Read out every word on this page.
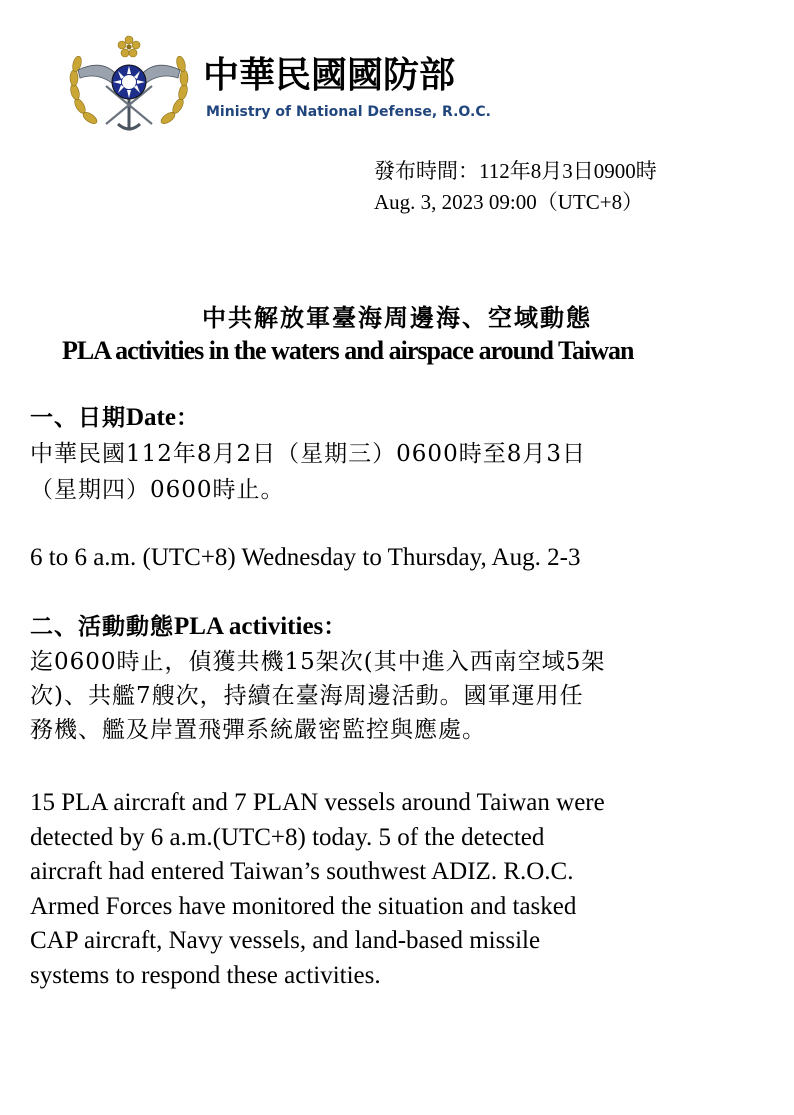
中華民國國防部
Ministry of National Defense, R.O.C.
發布時間：112年8月3日0900時
Aug. 3, 2023 09:00（UTC+8）
中共解放軍臺海周邊海、空域動態
PLA activities in the waters and airspace around Taiwan
一、日期Date：
中華民國112年8月2日（星期三）0600時至8月3日
（星期四）0600時止。
6 to 6 a.m. (UTC+8) Wednesday to Thursday, Aug. 2-3
二、活動動態PLA activities：
迄0600時止，偵獲共機15架次(其中進入西南空域5架
次)、共艦7艘次，持續在臺海周邊活動。國軍運用任
務機、艦及岸置飛彈系統嚴密監控與應處。
15 PLA aircraft and 7 PLAN vessels around Taiwan were
detected by 6 a.m.(UTC+8) today. 5 of the detected
aircraft had entered Taiwan’s southwest ADIZ. R.O.C.
Armed Forces have monitored the situation and tasked
CAP aircraft, Navy vessels, and land-based missile
systems to respond these activities.
